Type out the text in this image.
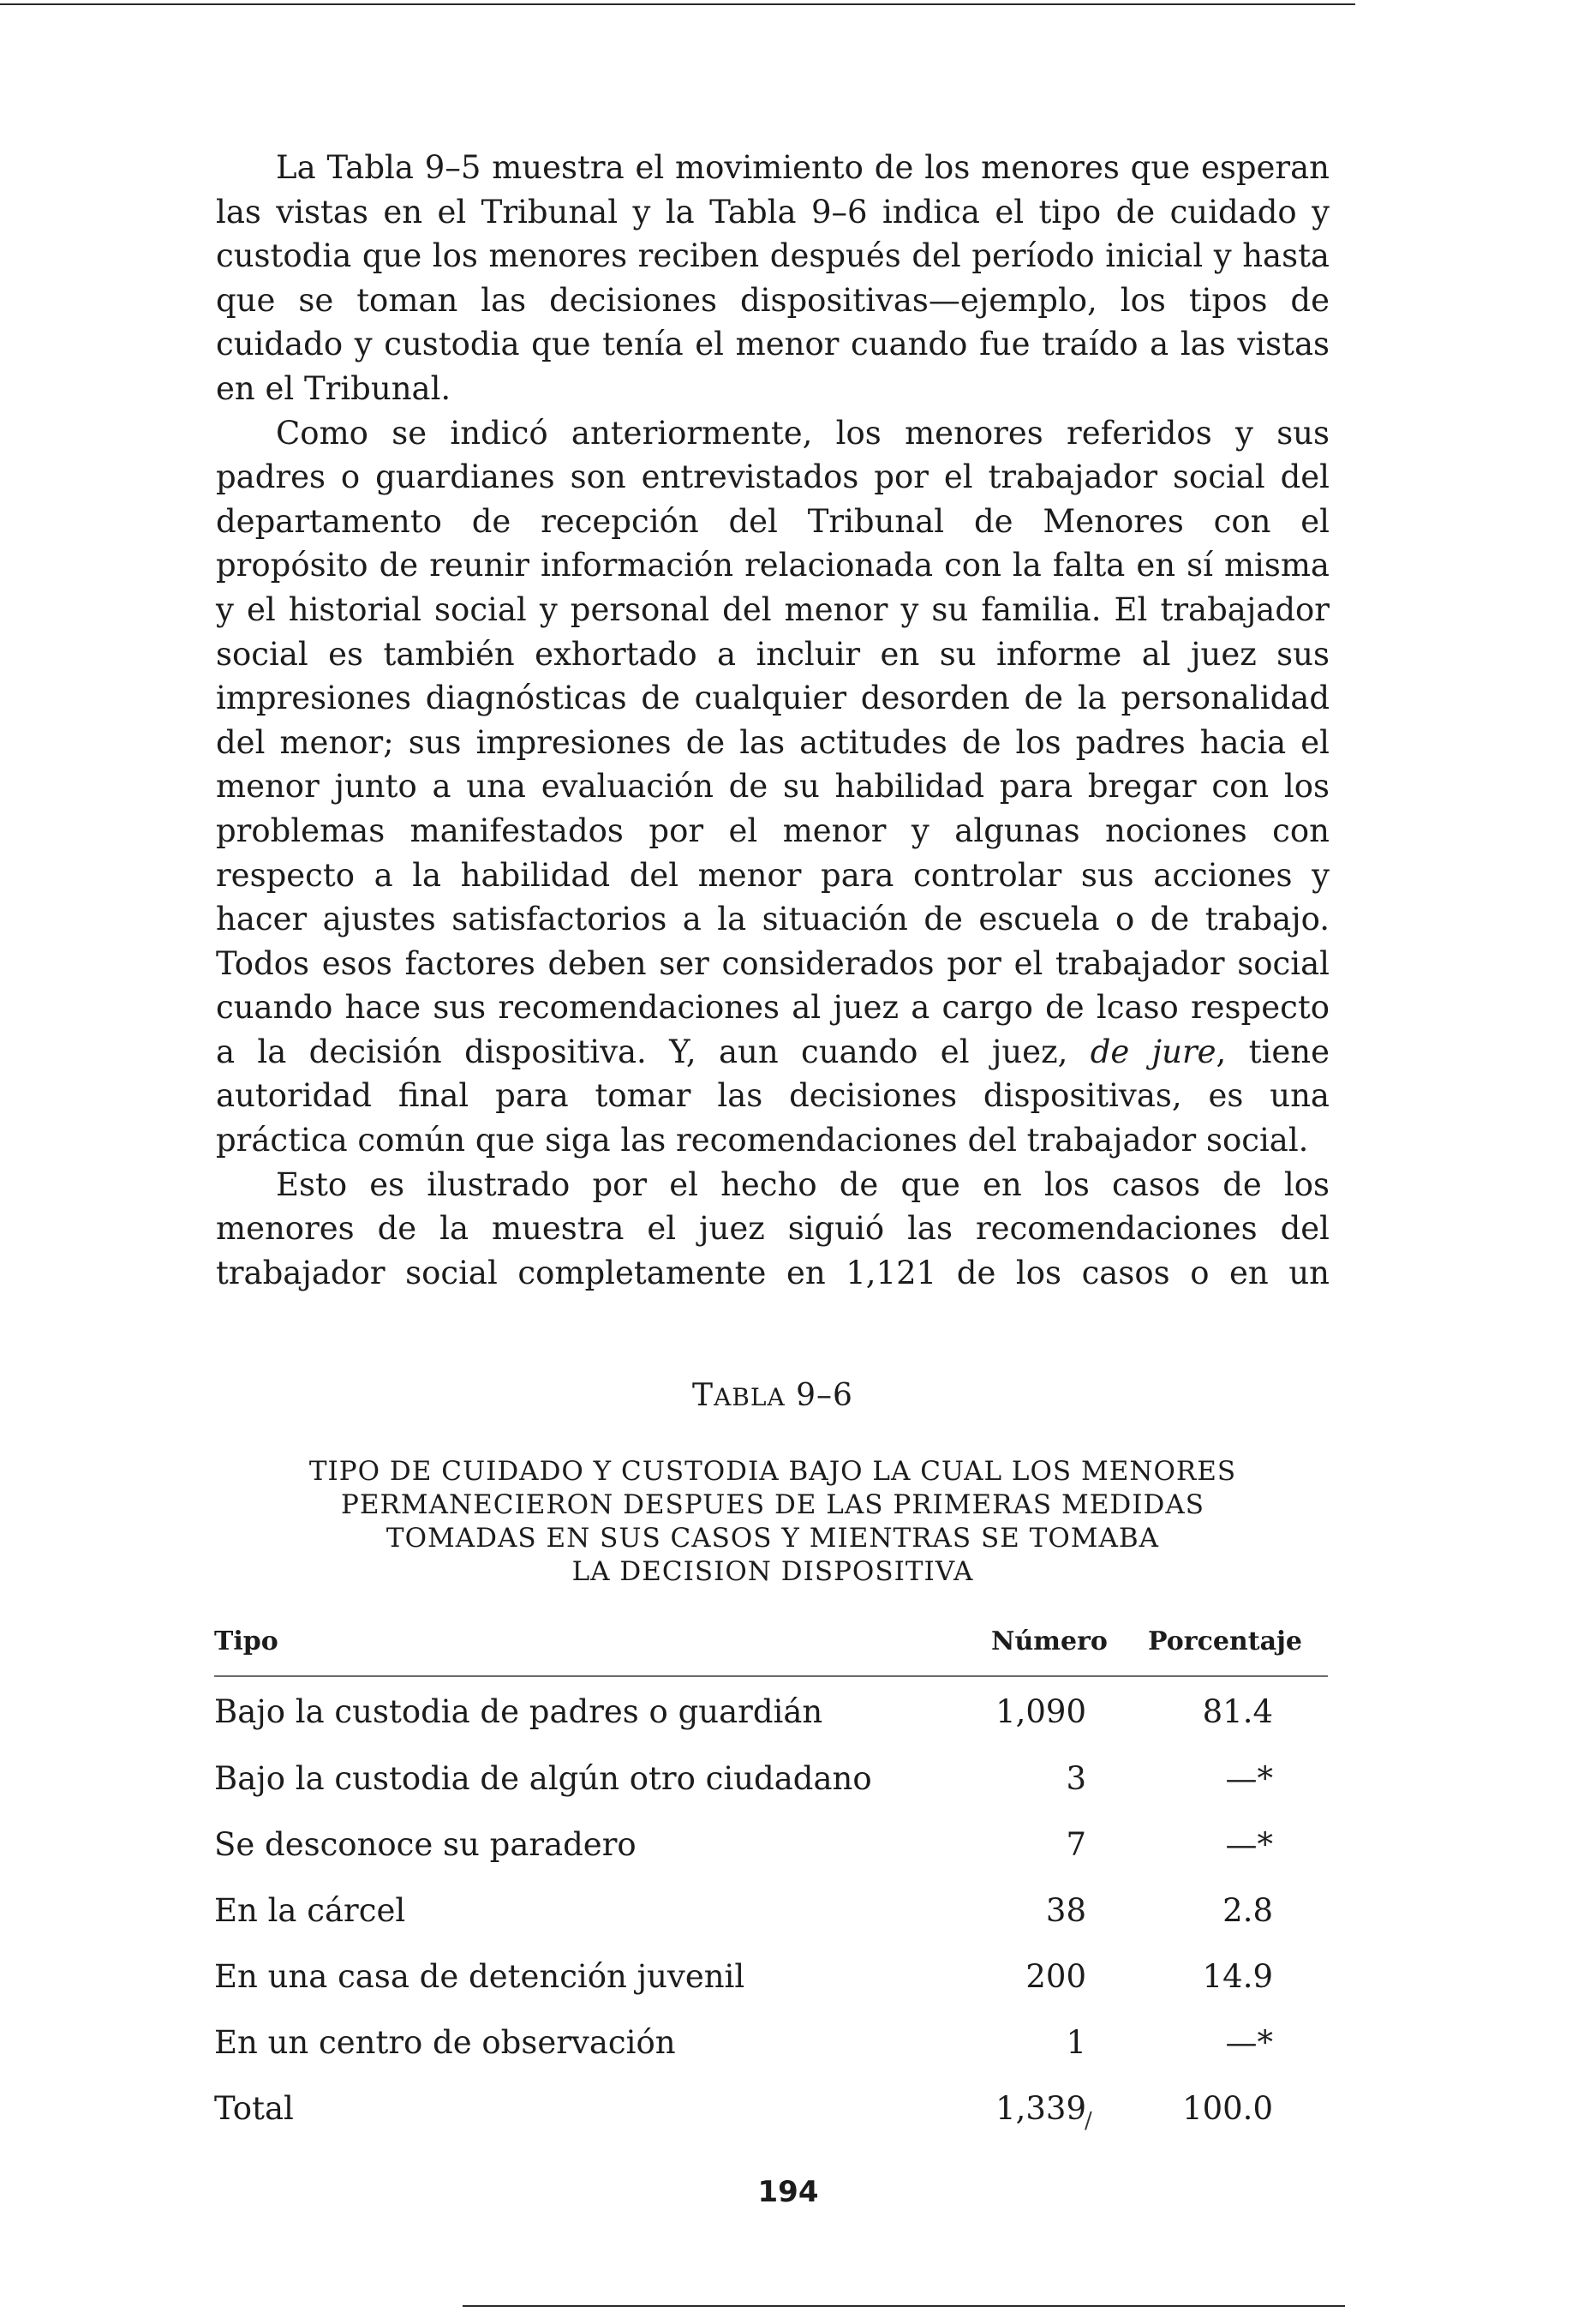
La Tabla 9–5 muestra el movimiento de los menores que esperan las vistas en el Tribunal y la Tabla 9–6 indica el tipo de cuidado y custodia que los menores reciben después del período inicial y hasta que se toman las decisiones dispositivas—ejemplo, los tipos de cuidado y custodia que tenía el menor cuando fue traído a las vistas en el Tribunal.

Como se indicó anteriormente, los menores referidos y sus padres o guardianes son entrevistados por el trabajador social del departamento de recepción del Tribunal de Menores con el propósito de reunir información relacionada con la falta en sí misma y el historial social y personal del menor y su familia. El trabajador social es también exhortado a incluir en su informe al juez sus impresiones diagnósticas de cualquier desorden de la personalidad del menor; sus impresiones de las actitudes de los padres hacia el menor junto a una evaluación de su habilidad para bregar con los problemas manifestados por el menor y algunas nociones con respecto a la habilidad del menor para controlar sus acciones y hacer ajustes satisfactorios a la situación de escuela o de trabajo. Todos esos factores deben ser considerados por el trabajador social cuando hace sus recomendaciones al juez a cargo de lcaso respecto a la decisión dispositiva. Y, aun cuando el juez, de jure, tiene autoridad final para tomar las decisiones dispositivas, es una práctica común que siga las recomendaciones del trabajador social.

Esto es ilustrado por el hecho de que en los casos de los menores de la muestra el juez siguió las recomendaciones del trabajador social completamente en 1,121 de los casos o en un

TABLA 9–6
TIPO DE CUIDADO Y CUSTODIA BAJO LA CUAL LOS MENORES
PERMANECIERON DESPUES DE LAS PRIMERAS MEDIDAS
TOMADAS EN SUS CASOS Y MIENTRAS SE TOMABA
LA DECISION DISPOSITIVA
Tipo	Número	Porcentaje
Bajo la custodia de padres o guardián	1,090	81.4
Bajo la custodia de algún otro ciudadano	3	—*
Se desconoce su paradero	7	—*
En la cárcel	38	2.8
En una casa de detención juvenil	200	14.9
En un centro de observación	1	—*
Total	1,339	100.0
/
194
